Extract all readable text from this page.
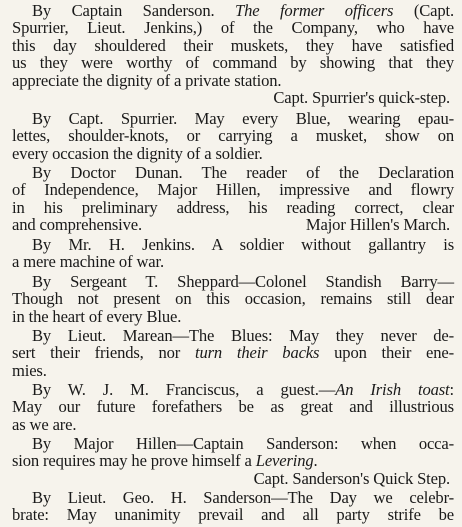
By Captain Sanderson. The former officers (Capt.
Spurrier, Lieut. Jenkins,) of the Company, who have
this day shouldered their muskets, they have satisfied
us they were worthy of command by showing that they
appreciate the dignity of a private station.
Capt. Spurrier's quick-step.
By Capt. Spurrier. May every Blue, wearing epau-
lettes, shoulder-knots, or carrying a musket, show on
every occasion the dignity of a soldier.
By Doctor Dunan. The reader of the Declaration
of Independence, Major Hillen, impressive and flowry
in his preliminary address, his reading correct, clear
and comprehensive.	Major Hillen's March.
By Mr. H. Jenkins. A soldier without gallantry is
a mere machine of war.
By Sergeant T. Sheppard—Colonel Standish Barry—
Though not present on this occasion, remains still dear
in the heart of every Blue.
By Lieut. Marean—The Blues: May they never de-
sert their friends, nor turn their backs upon their ene-
mies.
By W. J. M. Franciscus, a guest.—An Irish toast:
May our future forefathers be as great and illustrious
as we are.
By Major Hillen—Captain Sanderson: when occa-
sion requires may he prove himself a Levering.
Capt. Sanderson's Quick Step.
By Lieut. Geo. H. Sanderson—The Day we celebr-
brate: May unanimity prevail and all party strife be
